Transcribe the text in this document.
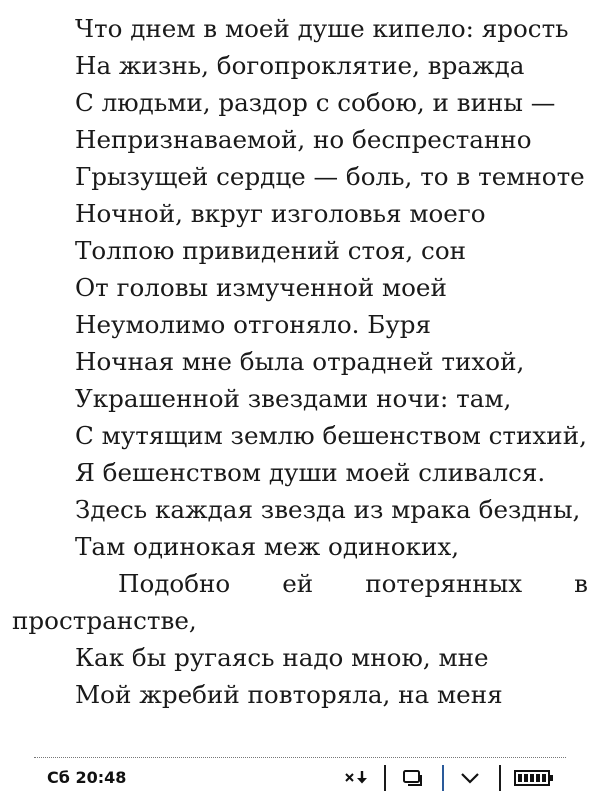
Что днем в моей душе кипело: ярость
На жизнь, богопроклятие, вражда
С людьми, раздор с собою, и вины —
Непризнаваемой, но беспрестанно
Грызущей сердце — боль, то в темноте
Ночной, вкруг изголовья моего
Толпою привидений стоя, сон
От головы измученной моей
Неумолимо отгоняло. Буря
Ночная мне была отрадней тихой,
Украшенной звездами ночи: там,
С мутящим землю бешенством стихий,
Я бешенством души моей сливался.
Здесь каждая звезда из мрака бездны,
Там одинокая меж одиноких,
Подобно ей потерянных в
пространстве,
Как бы ругаясь надо мною, мне
Мой жребий повторяла, на меня
Сб 20:48
